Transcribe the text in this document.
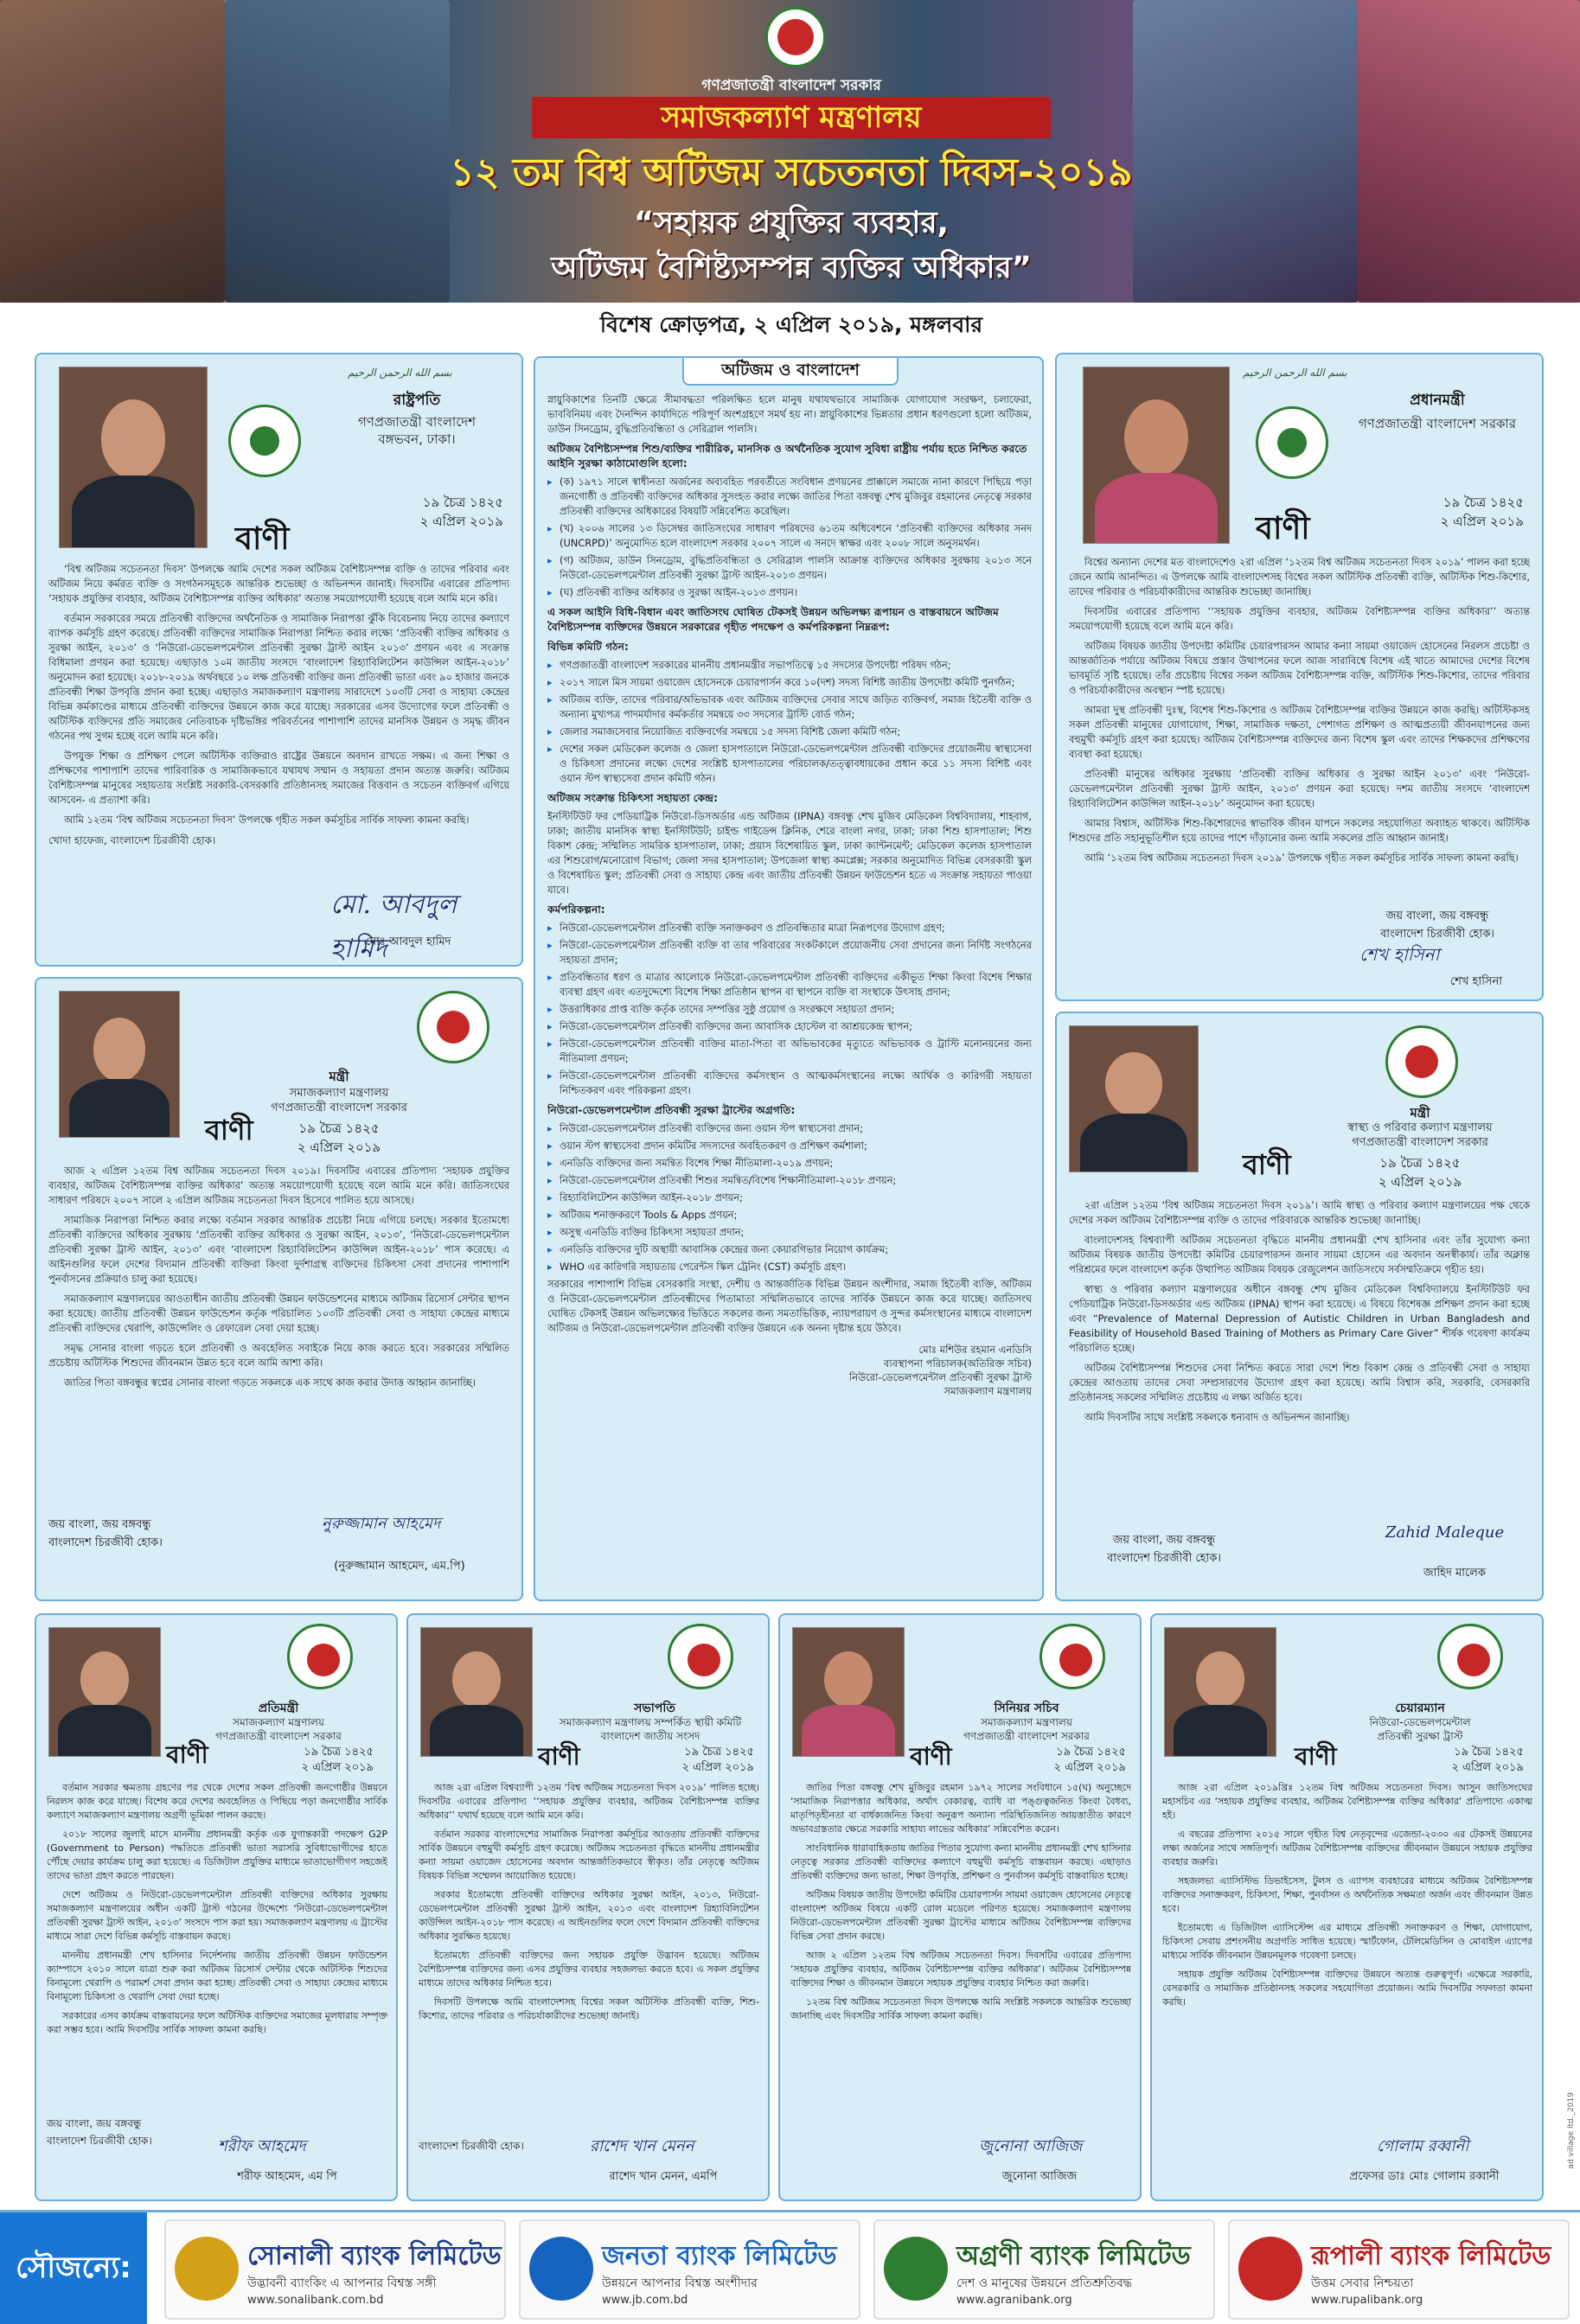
গণপ্রজাতন্ত্রী বাংলাদেশ সরকার
সমাজকল্যাণ মন্ত্রণালয়
১২ তম বিশ্ব অটিজম সচেতনতা দিবস-২০১৯
“সহায়ক প্রযুক্তির ব্যবহার,
অটিজম বৈশিষ্ট্যসম্পন্ন ব্যক্তির অধিকার”
বিশেষ ক্রোড়পত্র, ২ এপ্রিল ২০১৯, মঙ্গলবার
بسم الله الرحمن الرحيم
রাষ্ট্রপতি
গণপ্রজাতন্ত্রী বাংলাদেশ
বঙ্গভবন, ঢাকা।
১৯ চৈত্র ১৪২৫
২ এপ্রিল ২০১৯
বাণী

‘বিশ্ব অটিজম সচেতনতা দিবস’ উপলক্ষে আমি দেশের সকল অটিজম বৈশিষ্ট্যসম্পন্ন ব্যক্তি ও তাদের পরিবার এবং অটিজম নিয়ে কর্মরত ব্যক্তি ও সংগঠনসমূহকে আন্তরিক শুভেচ্ছা ও অভিনন্দন জানাই। দিবসটির এবারের প্রতিপাদ্য ‘সহায়ক প্রযুক্তির ব্যবহার, অটিজম বৈশিষ্ট্যসম্পন্ন ব্যক্তির অধিকার’ অত্যন্ত সময়োপযোগী হয়েছে বলে আমি মনে করি।

বর্তমান সরকারের সময়ে প্রতিবন্ধী ব্যক্তিদের অর্থনৈতিক ও সামাজিক নিরাপত্তা ঝুঁকি বিবেচনায় নিয়ে তাদের কল্যাণে ব্যাপক কর্মসূচি গ্রহণ করেছে। প্রতিবন্ধী ব্যক্তিদের সামাজিক নিরাপত্তা নিশ্চিত করার লক্ষ্যে ‘প্রতিবন্ধী ব্যক্তির অধিকার ও সুরক্ষা আইন, ২০১৩’ ও ‘নিউরো-ডেভেলপমেন্টাল প্রতিবন্ধী সুরক্ষা ট্রাস্ট আইন ২০১৩’ প্রণয়ন এবং এ সংক্রান্ত বিধিমালা প্রণয়ন করা হয়েছে। এছাড়াও ১০ম জাতীয় সংসদে ‘বাংলাদেশ রিহ্যাবিলিটেশন কাউন্সিল আইন-২০১৮’ অনুমোদন করা হয়েছে। ২০১৮-২০১৯ অর্থবছরে ১০ লক্ষ প্রতিবন্ধী ব্যক্তির জন্য প্রতিবন্ধী ভাতা এবং ৯০ হাজার জনকে প্রতিবন্ধী শিক্ষা উপবৃত্তি প্রদান করা হচ্ছে। এছাড়াও সমাজকল্যাণ মন্ত্রণালয় সারাদেশে ১০৩টি সেবা ও সাহায্য কেন্দ্রের বিভিন্ন কর্মকাণ্ডের মাধ্যমে প্রতিবন্ধী ব্যক্তিদের উন্নয়নে কাজ করে যাচ্ছে। সরকারের এসব উদ্যোগের ফলে প্রতিবন্ধী ও অটিস্টিক ব্যক্তিদের প্রতি সমাজের নেতিবাচক দৃষ্টিভঙ্গির পরিবর্তনের পাশাপাশি তাদের মানসিক উন্নয়ন ও সমৃদ্ধ জীবন গঠনের পথ সুগম হচ্ছে বলে আমি মনে করি।

উপযুক্ত শিক্ষা ও প্রশিক্ষণ পেলে অটিস্টিক ব্যক্তিরাও রাষ্ট্রের উন্নয়নে অবদান রাখতে সক্ষম। এ জন্য শিক্ষা ও প্রশিক্ষণের পাশাপাশি তাদের পারিবারিক ও সামাজিকভাবে যথাযথ সম্মান ও সহায়তা প্রদান অত্যন্ত জরুরি। অটিজম বৈশিষ্ট্যসম্পন্ন মানুষের সহায়তায় সংশ্লিষ্ট সরকারি-বেসরকারি প্রতিষ্ঠানসহ সমাজের বিত্তবান ও সচেতন ব্যক্তিবর্গ এগিয়ে আসবেন- এ প্রত্যাশা করি।

আমি ১২তম ‘বিশ্ব অটিজম সচেতনতা দিবস’ উপলক্ষে গৃহীত সকল কর্মসূচির সার্বিক সাফল্য কামনা করছি।

খোদা হাফেজ, বাংলাদেশ চিরজীবী হোক।
মো. আবদুল হামিদ
মোঃ আবদুল হামিদ
অটিজম ও বাংলাদেশ

স্নায়ুবিকাশের তিনটি ক্ষেত্রে সীমাবদ্ধতা পরিলক্ষিত হলে মানুষ যথাযথভাবে সামাজিক যোগাযোগ সংরক্ষণ, চলাফেরা, ভাববিনিময় এবং দৈনন্দিন কার্যাদিতে পরিপূর্ণ অংশগ্রহণে সমর্থ হয় না। স্নায়ুবিকাশের ভিন্নতার প্রধান ধরণগুলো হলো অটিজম, ডাউন সিনড্রোম, বুদ্ধিপ্রতিবন্ধিতা ও সেরিব্রাল পালসি।

অটিজম বৈশিষ্ট্যসম্পন্ন শিশু/ব্যক্তির শারীরিক, মানসিক ও অর্থনৈতিক সুযোগ সুবিধা রাষ্ট্রীয় পর্যায় হতে নিশ্চিত করতে আইনি সুরক্ষা কাঠামোগুলি হলো:
▸ (ক) ১৯৭১ সালে স্বাধীনতা অর্জনের অব্যবহিত পরবর্তীতে সংবিধান প্রণয়নের প্রাক্কালে সমাজে নানা কারণে পিছিয়ে পড়া জনগোষ্ঠী ও প্রতিবন্ধী ব্যক্তিদের অধিকার সুসংহত করার লক্ষ্যে জাতির পিতা বঙ্গবন্ধু শেখ মুজিবুর রহমানের নেতৃত্বে সরকার প্রতিবন্ধী ব্যক্তিদের অধিকারের বিষয়টি সন্নিবেশিত করেছিল।
▸ (খ) ২০০৬ সালের ১৩ ডিসেম্বর জাতিসংঘের সাধারণ পরিষদের ৬১তম অধিবেশনে ‘প্রতিবন্ধী ব্যক্তিদের অধিকার সনদ (UNCRPD)’ অনুমোদিত হলে বাংলাদেশ সরকার ২০০৭ সালে এ সনদে স্বাক্ষর এবং ২০০৮ সালে অনুসমর্থন।
▸ (গ) অটিজম, ডাউন সিনড্রোম, বুদ্ধিপ্রতিবন্ধিতা ও সেরিব্রাল পালসি আক্রান্ত ব্যক্তিদের অধিকার সুরক্ষায় ২০১৩ সনে নিউরো-ডেভেলপমেন্টাল প্রতিবন্ধী সুরক্ষা ট্রাস্ট আইন-২০১৩ প্রণয়ন।
▸ (ঘ) প্রতিবন্ধী ব্যক্তির অধিকার ও সুরক্ষা আইন-২০১৩ প্রণয়ন।
এ সকল আইনি বিধি-বিধান এবং জাতিসংঘ ঘোষিত টেকসই উন্নয়ন অভিলক্ষ্য রূপায়ন ও বাস্তবায়নে অটিজম বৈশিষ্ট্যসম্পন্ন ব্যক্তিদের উন্নয়নে সরকারের গৃহীত পদক্ষেপ ও কর্মপরিকল্পনা নিম্নরূপ:
বিভিন্ন কমিটি গঠন:
▸ গণপ্রজাতন্ত্রী বাংলাদেশ সরকারের মাননীয় প্রধানমন্ত্রীর সভাপতিত্বে ১৫ সদস্যের উপদেষ্টা পরিষদ গঠন;
▸ ২০১৭ সালে মিস সায়মা ওয়াজেদ হোসেনকে চেয়ারপার্সন করে ১০(দশ) সদস্য বিশিষ্ট জাতীয় উপদেষ্টা কমিটি পুনর্গঠন;
▸ অটিজম ব্যক্তি, তাদের পরিবার/অভিভাবক এবং অটিজম ব্যক্তিদের সেবার সাথে জড়িত ব্যক্তিবর্গ, সমাজ হিতৈষী ব্যক্তি ও অন্যান্য মুখ্যপত্র পাদমর্যাদার কর্মকর্তার সমন্বয়ে ৩৩ সদস্যের ট্রাস্টি বোর্ড গঠন;
▸ জেলার সমাজসেবার নিয়োজিত ব্যক্তিবর্গের সমন্বয়ে ১৫ সদস্য বিশিষ্ট জেলা কমিটি গঠন;
▸ দেশের সকল মেডিকেল কলেজ ও জেলা হাসপাতালে নিউরো-ডেভেলপমেন্টাল প্রতিবন্ধী ব্যক্তিদের প্রয়োজনীয় স্বাস্থ্যসেবা ও চিকিৎসা প্রদানের লক্ষ্যে দেশের সংশ্লিষ্ট হাসপাতালের পরিচালক/তত্ত্বাবধায়কের প্রধান করে ১১ সদস্য বিশিষ্ট এবং ওয়ান স্টপ স্বাস্থ্যসেবা প্রদান কমিটি গঠন।
অটিজম সংক্রান্ত চিকিৎসা সহায়তা কেন্দ্র:

ইনস্টিটিউট ফর পেডিয়াট্রিক নিউরো-ডিসঅর্ডার এন্ড অটিজম (IPNA) বঙ্গবন্ধু শেখ মুজিব মেডিকেল বিশ্ববিদ্যালয়, শাহবাগ, ঢাকা; জাতীয় মানসিক স্বাস্থ্য ইনস্টিটিউট; চাইল্ড গাইডেন্স ক্লিনিক, শেরে বাংলা নগর, ঢাকা; ঢাকা শিশু হাসপাতাল; শিশু বিকাশ কেন্দ্র; সম্মিলিত সামরিক হাসপাতাল, ঢাকা; প্রয়াস বিশেষায়িত স্কুল, ঢাকা ক্যান্টনমেন্ট; মেডিকেল কলেজ হাসপাতাল এর শিশুরোগ/মনোরোগ বিভাগ; জেলা সদর হাসপাতাল; উপজেলা স্বাস্থ্য কমপ্লেক্স; সরকার অনুমোদিত বিভিন্ন বেসরকারী স্কুল ও বিশেষায়িত স্কুল; প্রতিবন্ধী সেবা ও সাহায্য কেন্দ্র এবং জাতীয় প্রতিবন্ধী উন্নয়ন ফাউন্ডেশন হতে এ সংক্রান্ত সহায়তা পাওয়া যাবে।

কর্মপরিকল্পনা:
▸ নিউরো-ডেভেলপমেন্টাল প্রতিবন্ধী ব্যক্তি সনাক্তকরণ ও প্রতিবন্ধিতার মাত্রা নিরূপণের উদ্যোগ গ্রহণ;
▸ নিউরো-ডেভেলপমেন্টাল প্রতিবন্ধী ব্যক্তি বা তার পরিবারের সংকটকালে প্রয়োজনীয় সেবা প্রদানের জন্য নির্দিষ্ট সংগঠনের সহায়তা প্রদান;
▸ প্রতিবন্ধিতার ধরণ ও মাত্রার আলোকে নিউরো-ডেভেলপমেন্টাল প্রতিবন্ধী ব্যক্তিদের একীভূত শিক্ষা কিংবা বিশেষ শিক্ষার ব্যবস্থা গ্রহণ এবং এতদুদ্দেশ্যে বিশেষ শিক্ষা প্রতিষ্ঠান স্থাপন বা স্থাপনে ব্যক্তি বা সংস্থাকে উৎসাহ প্রদান;
▸ উত্তরাধিকার প্রাপ্ত ব্যক্তি কর্তৃক তাদের সম্পত্তির সুষ্ঠু প্রয়োগ ও সংরক্ষণে সহায়তা প্রদান;
▸ নিউরো-ডেভেলপমেন্টাল প্রতিবন্ধী ব্যক্তিদের জন্য আবাসিক হোস্টেল বা আশ্রয়কেন্দ্র স্থাপন;
▸ নিউরো-ডেভেলপমেন্টাল প্রতিবন্ধী ব্যক্তির মাতা-পিতা বা অভিভাবকের মৃত্যুতে অভিভাবক ও ট্রাস্টি মনোনয়নের জন্য নীতিমালা প্রণয়ন;
▸ নিউরো-ডেভেলপমেন্টাল প্রতিবন্ধী ব্যক্তিদের কর্মসংস্থান ও আত্মকর্মসংস্থানের লক্ষ্যে আর্থিক ও কারিগরী সহায়তা নিশ্চিতকরণ এবং পরিকল্পনা গ্রহণ।
নিউরো-ডেভেলপমেন্টাল প্রতিবন্ধী সুরক্ষা ট্রাস্টের অগ্রগতি:
▸ নিউরো-ডেভেলপমেন্টাল প্রতিবন্ধী ব্যক্তিদের জন্য ওয়ান স্টপ স্বাস্থ্যসেবা প্রদান;
▸ ওয়ান স্টপ স্বাস্থ্যসেবা প্রদান কমিটির সদস্যদের অবহিতকরণ ও প্রশিক্ষণ কর্মশালা;
▸ এনডিডি ব্যক্তিদের জন্য সমন্বিত বিশেষ শিক্ষা নীতিমালা-২০১৯ প্রণয়ন;
▸ নিউরো-ডেভেলপমেন্টাল প্রতিবন্ধী শিশুর সমন্বিত/বিশেষ শিক্ষানীতিমালা-২০১৮ প্রণয়ন;
▸ রিহ্যাবিলিটেশন কাউন্সিল আইন-২০১৮ প্রণয়ন;
▸ অটিজম শনাক্তকরণে Tools & Apps প্রণয়ন;
▸ অসুস্থ এনডিডি ব্যক্তির চিকিৎসা সহায়তা প্রদান;
▸ এনডিডি ব্যক্তিদের দুটি অস্থায়ী আবাসিক কেন্দ্রের জন্য কেয়ারগিভার নিয়োগ কার্যক্রম;
▸ WHO এর কারিগরি সহায়তায় পেরেন্টস স্কিল ট্রেনিং (CST) কর্মসূচি গ্রহণ।

সরকারের পাশাপাশি বিভিন্ন বেসরকারি সংস্থা, দেশীয় ও আন্তর্জাতিক বিভিন্ন উন্নয়ন অংশীদার, সমাজ হিতৈষী ব্যক্তি, অটিজম ও নিউরো-ডেভেলপমেন্টাল প্রতিবন্ধীদের পিতামাতা সম্মিলিতভাবে তাদের সার্বিক উন্নয়নে কাজ করে যাচ্ছে। জাতিসংঘ ঘোষিত টেকসই উন্নয়ন অভিলক্ষ্যের ভিত্তিতে সকলের জন্য সমতাভিত্তিক, ন্যায়পরায়ণ ও সুন্দর কর্মসংস্থানের মাধ্যমে বাংলাদেশ অটিজম ও নিউরো-ডেভেলপমেন্টাল প্রতিবন্ধী ব্যক্তির উন্নয়নে এক অনন্য দৃষ্টান্ত হয়ে উঠবে।

মোঃ মশিউর রহমান এনডিসি
ব্যবস্থাপনা পরিচালক(অতিরিক্ত সচিব)
নিউরো-ডেভেলপমেন্টাল প্রতিবন্ধী সুরক্ষা ট্রাস্ট
সমাজকল্যাণ মন্ত্রণালয়
بسم الله الرحمن الرحيم
প্রধানমন্ত্রী
গণপ্রজাতন্ত্রী বাংলাদেশ সরকার
১৯ চৈত্র ১৪২৫
২ এপ্রিল ২০১৯
বাণী

বিশ্বের অন্যান্য দেশের মত বাংলাদেশেও ২রা এপ্রিল ‘১২তম বিশ্ব অটিজম সচেতনতা দিবস ২০১৯’ পালন করা হচ্ছে জেনে আমি আনন্দিত। এ উপলক্ষে আমি বাংলাদেশসহ বিশ্বের সকল অটিস্টিক প্রতিবন্ধী ব্যক্তি, অটিস্টিক শিশু-কিশোর, তাদের পরিবার ও পরিচর্যাকারীদের আন্তরিক শুভেচ্ছা জানাচ্ছি।

দিবসটির এবারের প্রতিপাদ্য ‘‘সহায়ক প্রযুক্তির ব্যবহার, অটিজম বৈশিষ্ট্যসম্পন্ন ব্যক্তির অধিকার’’ অত্যন্ত সময়োপযোগী হয়েছে বলে আমি মনে করি।

অটিজম বিষয়ক জাতীয় উপদেষ্টা কমিটির চেয়ারপারসন আমার কন্যা সায়মা ওয়াজেদ হোসেনের নিরলস প্রচেষ্টা ও আন্তর্জাতিক পর্যায়ে অটিজম বিষয়ে প্রস্তাব উত্থাপনের ফলে আজ সারাবিশ্বে বিশেষ এই খাতে আমাদের দেশের বিশেষ ভাবমূর্তি সৃষ্টি হয়েছে। তাঁর প্রচেষ্টায় বিশ্বের সকল অটিজম বৈশিষ্ট্যসম্পন্ন ব্যক্তি, অটিস্টিক শিশু-কিশোর, তাদের পরিবার ও পরিচর্যাকারীদের অবস্থান স্পষ্ট হয়েছে।

আমরা দুস্থ প্রতিবন্ধী দুঃস্থ, বিশেষ শিশু-কিশোর ও অটিজম বৈশিষ্ট্যসম্পন্ন ব্যক্তির উন্নয়নে কাজ করছি। অটিস্টিকসহ সকল প্রতিবন্ধী মানুষের যোগাযোগ, শিক্ষা, সামাজিক দক্ষতা, পেশাগত প্রশিক্ষণ ও আত্মপ্রত্যয়ী জীবনযাপনের জন্য বহুমুখী কর্মসূচি গ্রহণ করা হয়েছে। অটিজম বৈশিষ্ট্যসম্পন্ন ব্যক্তিদের জন্য বিশেষ স্কুল এবং তাদের শিক্ষকদের প্রশিক্ষণের ব্যবস্থা করা হয়েছে।

প্রতিবন্ধী মানুষের অধিকার সুরক্ষায় ‘প্রতিবন্ধী ব্যক্তির অধিকার ও সুরক্ষা আইন ২০১৩’ এবং ‘নিউরো-ডেভেলপমেন্টাল প্রতিবন্ধী সুরক্ষা ট্রাস্ট আইন, ২০১৩’ প্রণয়ন করা হয়েছে। দশম জাতীয় সংসদে ‘বাংলাদেশ রিহ্যাবিলিটেশন কাউন্সিল আইন-২০১৮’ অনুমোদন করা হয়েছে।

আমার বিশ্বাস, অটিস্টিক শিশু-কিশোরদের স্বাভাবিক জীবন যাপনে সকলের সহযোগিতা অব্যাহত থাকবে। অটিস্টিক শিশুদের প্রতি সহানুভূতিশীল হয়ে তাদের পাশে দাঁড়ানোর জন্য আমি সকলের প্রতি আহ্বান জানাই।

আমি ‘১২তম বিশ্ব অটিজম সচেতনতা দিবস ২০১৯’ উপলক্ষে গৃহীত সকল কর্মসূচির সার্বিক সাফল্য কামনা করছি।

জয় বাংলা, জয় বঙ্গবন্ধু
বাংলাদেশ চিরজীবী হোক।
শেখ হাসিনা
শেখ হাসিনা
মন্ত্রী
সমাজকল্যাণ মন্ত্রণালয়
গণপ্রজাতন্ত্রী বাংলাদেশ সরকার
বাণী	১৯ চৈত্র ১৪২৫
২ এপ্রিল ২০১৯

আজ ২ এপ্রিল ১২তম বিশ্ব অটিজম সচেতনতা দিবস ২০১৯। দিবসটির এবারের প্রতিপাদ্য ‘সহায়ক প্রযুক্তির ব্যবহার, অটিজম বৈশিষ্ট্যসম্পন্ন ব্যক্তির অধিকার’ অত্যন্ত সময়োপযোগী হয়েছে বলে আমি মনে করি। জাতিসংঘের সাধারণ পরিষদে ২০০৭ সালে ২ এপ্রিল অটিজম সচেতনতা দিবস হিসেবে পালিত হয়ে আসছে।

সামাজিক নিরাপত্তা নিশ্চিত করার লক্ষ্যে বর্তমান সরকার আন্তরিক প্রচেষ্টা নিয়ে এগিয়ে চলছে। সরকার ইতোমধ্যে প্রতিবন্ধী ব্যক্তিদের অধিকার সুরক্ষায় ‘প্রতিবন্ধী ব্যক্তির অধিকার ও সুরক্ষা আইন, ২০১৩’, ‘নিউরো-ডেভেলপমেন্টাল প্রতিবন্ধী সুরক্ষা ট্রাস্ট আইন, ২০১৩’ এবং ‘বাংলাদেশ রিহ্যাবিলিটেশন কাউন্সিল আইন-২০১৮’ পাস করেছে। এ আইনগুলির ফলে দেশের বিদ্যমান প্রতিবন্ধী ব্যক্তিরা কিংবা দুর্দশাগ্রস্থ ব্যক্তিদের চিকিৎসা সেবা প্রদানের পাশাপাশি পুনর্বাসনের প্রক্রিয়াও চালু করা হয়েছে।

সমাজকল্যাণ মন্ত্রণালয়ের আওতাধীন জাতীয় প্রতিবন্ধী উন্নয়ন ফাউন্ডেশনের মাধ্যমে অটিজম রিসোর্স সেন্টার স্থাপন করা হয়েছে। জাতীয় প্রতিবন্ধী উন্নয়ন ফাউন্ডেশন কর্তৃক পরিচালিত ১০৩টি প্রতিবন্ধী সেবা ও সাহায্য কেন্দ্রের মাধ্যমে প্রতিবন্ধী ব্যক্তিদের থেরাপি, কাউন্সেলিং ও রেফারেল সেবা দেয়া হচ্ছে।

সমৃদ্ধ সোনার বাংলা গড়তে হলে প্রতিবন্ধী ও অবহেলিত সবাইকে নিয়ে কাজ করতে হবে। সরকারের সম্মিলিত প্রচেষ্টায় অটিস্টিক শিশুদের জীবনমান উন্নত হবে বলে আমি আশা করি।

জাতির পিতা বঙ্গবন্ধুর স্বপ্নের সোনার বাংলা গড়তে সকলকে এক সাথে কাজ করার উদাত্ত আহ্বান জানাচ্ছি।

জয় বাংলা, জয় বঙ্গবন্ধু
বাংলাদেশ চিরজীবী হোক।
নুরুজ্জামান আহমেদ
(নুরুজ্জামান আহমেদ, এম.পি)
মন্ত্রী
স্বাস্থ্য ও পরিবার কল্যাণ মন্ত্রণালয়
গণপ্রজাতন্ত্রী বাংলাদেশ সরকার
বাণী	১৯ চৈত্র ১৪২৫
২ এপ্রিল ২০১৯

২রা এপ্রিল ১২তম ‘বিশ্ব অটিজম সচেতনতা দিবস ২০১৯’। আমি স্বাস্থ্য ও পরিবার কল্যাণ মন্ত্রণালয়ের পক্ষ থেকে দেশের সকল অটিজম বৈশিষ্ট্যসম্পন্ন ব্যক্তি ও তাদের পরিবারকে আন্তরিক শুভেচ্ছা জানাচ্ছি।

বাংলাদেশসহ বিশ্বব্যাপী অটিজম সচেতনতা বৃদ্ধিতে মাননীয় প্রধানমন্ত্রী শেখ হাসিনার এবং তাঁর সুযোগ্য কন্যা অটিজম বিষয়ক জাতীয় উপদেষ্টা কমিটির চেয়ারপারসন জনাব সায়মা হোসেন এর অবদান অনস্বীকার্য। তাঁর অক্লান্ত পরিশ্রমের ফলে বাংলাদেশ কর্তৃক উত্থাপিত অটিজম বিষয়ক রেজুলেশন জাতিসংঘে সর্বসম্মতিক্রমে গৃহীত হয়।

স্বাস্থ্য ও পরিবার কল্যাণ মন্ত্রণালয়ের অধীনে বঙ্গবন্ধু শেখ মুজিব মেডিকেল বিশ্ববিদ্যালয়ে ইনস্টিটিউট ফর পেডিয়াট্রিক নিউরো-ডিসঅর্ডার এন্ড অটিজম (IPNA) স্থাপন করা হয়েছে। এ বিষয়ে বিশেষজ্ঞ প্রশিক্ষণ প্রদান করা হচ্ছে এবং “Prevalence of Maternal Depression of Autistic Children in Urban Bangladesh and Feasibility of Household Based Training of Mothers as Primary Care Giver” শীর্ষক গবেষণা কার্যক্রম পরিচালিত হচ্ছে।

অটিজম বৈশিষ্ট্যসম্পন্ন শিশুদের সেবা নিশ্চিত করতে সারা দেশে শিশু বিকাশ কেন্দ্র ও প্রতিবন্ধী সেবা ও সাহায্য কেন্দ্রের আওতায় তাদের সেবা সম্প্রসারণের উদ্যোগ গ্রহণ করা হয়েছে। আমি বিশ্বাস করি, সরকারি, বেসরকারি প্রতিষ্ঠানসহ সকলের সম্মিলিত প্রচেষ্টায় এ লক্ষ্য অর্জিত হবে।

আমি দিবসটির সাথে সংশ্লিষ্ট সকলকে ধন্যবাদ ও অভিনন্দন জানাচ্ছি।

জয় বাংলা, জয় বঙ্গবন্ধু
বাংলাদেশ চিরজীবী হোক।
Zahid Maleque
জাহিদ মালেক
প্রতিমন্ত্রী
সমাজকল্যাণ মন্ত্রণালয়
গণপ্রজাতন্ত্রী বাংলাদেশ সরকার
বাণী	১৯ চৈত্র ১৪২৫
২ এপ্রিল ২০১৯

বর্তমান সরকার ক্ষমতায় গ্রহণের পর থেকে দেশের সকল প্রতিবন্ধী জনগোষ্ঠীর উন্নয়নে নিরলস কাজ করে যাচ্ছে। বিশেষ করে দেশের অবহেলিত ও পিছিয়ে পড়া জনগোষ্ঠীর সার্বিক কল্যাণে সমাজকল্যাণ মন্ত্রণালয় অগ্রণী ভূমিকা পালন করছে।

২০১৮ সালের জুলাই মাসে মাননীয় প্রধানমন্ত্রী কর্তৃক এক যুগান্তকারী পদক্ষেপ G2P (Government to Person) পদ্ধতিতে প্রতিবন্ধী ভাতা সরাসরি সুবিধাভোগীদের হাতে পৌঁছে দেয়ার কার্যক্রম চালু করা হয়েছে। এ ডিজিটাল প্রযুক্তির মাধ্যমে ভাতাভোগীগণ সহজেই তাদের ভাতা গ্রহণ করতে পারছেন।

দেশে অটিজম ও নিউরো-ডেভেলপমেন্টাল প্রতিবন্ধী ব্যক্তিদের অধিকার সুরক্ষায় সমাজকল্যাণ মন্ত্রণালয়ের অধীন একটি ট্রাস্ট গঠনের উদ্দেশ্যে ‘নিউরো-ডেভেলপমেন্টাল প্রতিবন্ধী সুরক্ষা ট্রাস্ট আইন, ২০১৩’ সংসদে পাস করা হয়। সমাজকল্যাণ মন্ত্রণালয় এ ট্রাস্টের মাধ্যমে সারা দেশে বিভিন্ন কর্মসূচি বাস্তবায়ন করছে।

মাননীয় প্রধানমন্ত্রী শেখ হাসিনার নির্দেশনায় জাতীয় প্রতিবন্ধী উন্নয়ন ফাউন্ডেশন ক্যাম্পাসে ২০১০ সালে যাত্রা শুরু করা অটিজম রিসোর্স সেন্টার থেকে অটিস্টিক শিশুদের বিনামূল্যে থেরাপি ও পরামর্শ সেবা প্রদান করা হচ্ছে। প্রতিবন্ধী সেবা ও সাহায্য কেন্দ্রের মাধ্যমে বিনামূল্যে চিকিৎসা ও থেরাপি সেবা দেয়া হচ্ছে।

সরকারের এসব কার্যক্রম বাস্তবায়নের ফলে অটিস্টিক ব্যক্তিদের সমাজের মূলধারায় সম্পৃক্ত করা সম্ভব হবে। আমি দিবসটির সার্বিক সাফল্য কামনা করছি।

জয় বাংলা, জয় বঙ্গবন্ধু
বাংলাদেশ চিরজীবী হোক।	শরীফ আহমেদ
শরীফ আহমেদ, এম পি
সভাপতি
সমাজকল্যাণ মন্ত্রণালয় সম্পর্কিত স্থায়ী কমিটি
বাংলাদেশ জাতীয় সংসদ
বাণী	১৯ চৈত্র ১৪২৫
২ এপ্রিল ২০১৯

আজ ২রা এপ্রিল বিশ্বব্যাপী ১২তম ‘বিশ্ব অটিজম সচেতনতা দিবস ২০১৯’ পালিত হচ্ছে। দিবসটির এবারের প্রতিপাদ্য ‘‘সহায়ক প্রযুক্তির ব্যবহার, অটিজম বৈশিষ্ট্যসম্পন্ন ব্যক্তির অধিকার’’ যথার্থ হয়েছে বলে আমি মনে করি।

বর্তমান সরকার বাংলাদেশের সামাজিক নিরাপত্তা কর্মসূচির আওতায় প্রতিবন্ধী ব্যক্তিদের সার্বিক উন্নয়নে বহুমুখী কর্মসূচি গ্রহণ করেছে। অটিজম সচেতনতা বৃদ্ধিতে মাননীয় প্রধানমন্ত্রীর কন্যা সায়মা ওয়াজেদ হোসেনের অবদান আন্তর্জাতিকভাবে স্বীকৃত। তাঁর নেতৃত্বে অটিজম বিষয়ক বিভিন্ন সম্মেলন আয়োজিত হয়েছে।

সরকার ইতোমধ্যে প্রতিবন্ধী ব্যক্তিদের অধিকার সুরক্ষা আইন, ২০১৩, নিউরো-ডেভেলপমেন্টাল প্রতিবন্ধী সুরক্ষা ট্রাস্ট আইন, ২০১৩ এবং বাংলাদেশ রিহ্যাবিলিটেশন কাউন্সিল আইন-২০১৮ পাস করেছে। এ আইনগুলির ফলে দেশে বিদ্যমান প্রতিবন্ধী ব্যক্তিদের অধিকার সুরক্ষিত হয়েছে।

ইতোমধ্যে প্রতিবন্ধী ব্যক্তিদের জন্য সহায়ক প্রযুক্তি উদ্ভাবন হয়েছে। অটিজম বৈশিষ্ট্যসম্পন্ন ব্যক্তিদের জন্য এসব প্রযুক্তির ব্যবহার সহজলভ্য করতে হবে। এ সকল প্রযুক্তির মাধ্যমে তাদের অধিকার নিশ্চিত হবে।

দিবসটি উপলক্ষে আমি বাংলাদেশসহ বিশ্বের সকল অটিস্টিক প্রতিবন্ধী ব্যক্তি, শিশু-কিশোর, তাদের পরিবার ও পরিচর্যাকারীদের শুভেচ্ছা জানাই।

বাংলাদেশ চিরজীবী হোক।	রাশেদ খান মেনন
রাশেদ খান মেনন, এমপি
সিনিয়র সচিব
সমাজকল্যাণ মন্ত্রণালয়
গণপ্রজাতন্ত্রী বাংলাদেশ সরকার
বাণী	১৯ চৈত্র ১৪২৫
২ এপ্রিল ২০১৯

জাতির পিতা বঙ্গবন্ধু শেখ মুজিবুর রহমান ১৯৭২ সালের সংবিধানে ১৫(ঘ) অনুচ্ছেদে ‘সামাজিক নিরাপত্তার অধিকার, অর্থাৎ বেকারত্ব, ব্যাধি বা পঙ্গুত্বজনিত কিংবা বৈধব্য, মাতৃপিতৃহীনতা বা বার্ধক্যজনিত কিংবা অনুরূপ অন্যান্য পরিস্থিতিজনিত আয়ত্তাতীত কারণে অভাবগ্রস্ততার ক্ষেত্রে সরকারি সাহায্য লাভের অধিকার’ সন্নিবেশিত করেন।

সাংবিধানিক ধারাবাহিকতায় জাতির পিতার সুযোগ্য কন্যা মাননীয় প্রধানমন্ত্রী শেখ হাসিনার নেতৃত্বে সরকার প্রতিবন্ধী ব্যক্তিদের কল্যাণে বহুমুখী কর্মসূচি বাস্তবায়ন করছে। এছাড়াও প্রতিবন্ধী ব্যক্তিদের জন্য ভাতা, শিক্ষা উপবৃত্তি, প্রশিক্ষণ ও পুনর্বাসন কর্মসূচি বাস্তবায়িত হচ্ছে।

অটিজম বিষয়ক জাতীয় উপদেষ্টা কমিটির চেয়ারপার্সন সায়মা ওয়াজেদ হোসেনের নেতৃত্বে বাংলাদেশ অটিজম বিষয়ে একটি রোল মডেলে পরিণত হয়েছে। সমাজকল্যাণ মন্ত্রণালয় নিউরো-ডেভেলপমেন্টাল প্রতিবন্ধী সুরক্ষা ট্রাস্টের মাধ্যমে অটিজম বৈশিষ্ট্যসম্পন্ন ব্যক্তিদের বিভিন্ন সেবা প্রদান করছে।

আজ ২ এপ্রিল ১২তম বিশ্ব অটিজম সচেতনতা দিবস। দিবসটির এবারের প্রতিপাদ্য ‘সহায়ক প্রযুক্তির ব্যবহার, অটিজম বৈশিষ্ট্যসম্পন্ন ব্যক্তির অধিকার’। অটিজম বৈশিষ্ট্যসম্পন্ন ব্যক্তিদের শিক্ষা ও জীবনমান উন্নয়নে সহায়ক প্রযুক্তির ব্যবহার নিশ্চিত করা জরুরি।

১২তম বিশ্ব অটিজম সচেতনতা দিবস উপলক্ষে আমি সংশ্লিষ্ট সকলকে আন্তরিক শুভেচ্ছা জানাচ্ছি এবং দিবসটির সার্বিক সাফল্য কামনা করছি।

জুনোনা আজিজ
জুনোনা আজিজ
চেয়ারম্যান
নিউরো-ডেভেলপমেন্টাল
প্রতিবন্ধী সুরক্ষা ট্রাস্ট
বাণী	১৯ চৈত্র ১৪২৫
২ এপ্রিল ২০১৯

আজ ২রা এপ্রিল ২০১৯খ্রিঃ ১২তম বিশ্ব অটিজম সচেতনতা দিবস। আসুন জাতিসংঘের মহাসচিব এর ‘সহায়ক প্রযুক্তির ব্যবহার, অটিজম বৈশিষ্ট্যসম্পন্ন ব্যক্তির অধিকার’ প্রতিপাদ্যে একাত্ম হই।

এ বছরের প্রতিপাদ্য ২০১৫ সালে গৃহীত বিশ্ব নেতৃবৃন্দের এজেন্ডা-২০৩০ এর টেকসই উন্নয়নের লক্ষ্য অর্জনের সাথে সঙ্গতিপূর্ণ। অটিজম বৈশিষ্ট্যসম্পন্ন ব্যক্তিদের জীবনমান উন্নয়নে সহায়ক প্রযুক্তির ব্যবহার জরুরি।

সহজলভ্য এ্যাসিস্টিভ ডিভাইসেস, টুলস ও এ্যাপস ব্যবহারের মাধ্যমে অটিজম বৈশিষ্ট্যসম্পন্ন ব্যক্তিদের সনাক্তকরণ, চিকিৎসা, শিক্ষা, পুনর্বাসন ও অর্থনৈতিক সক্ষমতা অর্জন এবং জীবনমান উন্নত হবে।

ইতোমধ্যে এ ডিজিটাল এ্যাসিস্টেন্স এর মাধ্যমে প্রতিবন্ধী সনাক্তকরণ ও শিক্ষা, যোগাযোগ, চিকিৎসা সেবায় প্রশংসনীয় অগ্রগতি সাধিত হয়েছে। স্মার্টফোন, টেলিমেডিসিন ও মোবাইল এ্যাপের মাধ্যমে সার্বিক জীবনমান উন্নয়নমূলক গবেষণা চলছে।

সহায়ক প্রযুক্তি অটিজম বৈশিষ্ট্যসম্পন্ন ব্যক্তিদের উন্নয়নে অত্যন্ত গুরুত্বপূর্ণ। এক্ষেত্রে সরকারি, বেসরকারি ও সামাজিক প্রতিষ্ঠানসহ সকলের সহযোগিতা প্রয়োজন। আমি দিবসটির সফলতা কামনা করছি।

গোলাম রব্বানী
প্রফেসর ডাঃ মোঃ গোলাম রব্বানী
সৌজন্যে:	সোনালী ব্যাংক লিমিটেড
উদ্ভাবনী ব্যাংকিং এ আপনার বিশ্বস্ত সঙ্গী
www.sonalibank.com.bd
জনতা ব্যাংক লিমিটেড
উন্নয়নে আপনার বিশ্বস্ত অংশীদার
www.jb.com.bd
অগ্রণী ব্যাংক লিমিটেড
দেশ ও মানুষের উন্নয়নে প্রতিশ্রুতিবদ্ধ
www.agranibank.org
রূপালী ব্যাংক লিমিটেড
উত্তম সেবার নিশ্চয়তা
www.rupalibank.org
ad village ltd._2019
